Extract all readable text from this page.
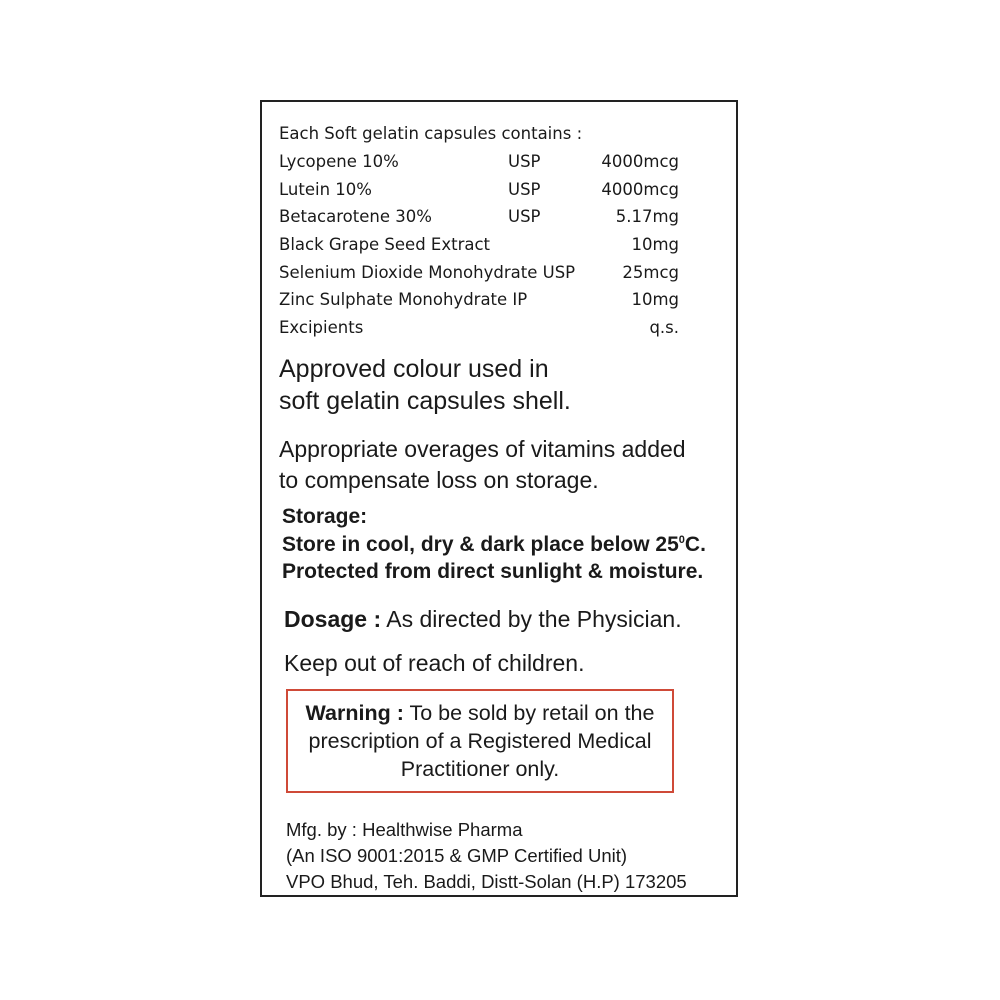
Each Soft gelatin capsules contains :
Lycopene 10%	USP	4000mcg
Lutein 10%	USP	4000mcg
Betacarotene 30%	USP	5.17mg
Black Grape Seed Extract	10mg
Selenium Dioxide Monohydrate USP	25mcg
Zinc Sulphate Monohydrate IP	10mg
Excipients	q.s.
Approved colour used in
soft gelatin capsules shell.
Appropriate overages of vitamins added
to compensate loss on storage.
Storage:
Store in cool, dry & dark place below $25^0C$.
Protected from direct sunlight & moisture.
Dosage : As directed by the Physician.
Keep out of reach of children.
Warning : To be sold by retail on the
prescription of a Registered Medical
Practitioner only.
Mfg. by : Healthwise Pharma
(An ISO 9001:2015 & GMP Certified Unit)
VPO Bhud, Teh. Baddi, Distt-Solan (H.P) 173205
